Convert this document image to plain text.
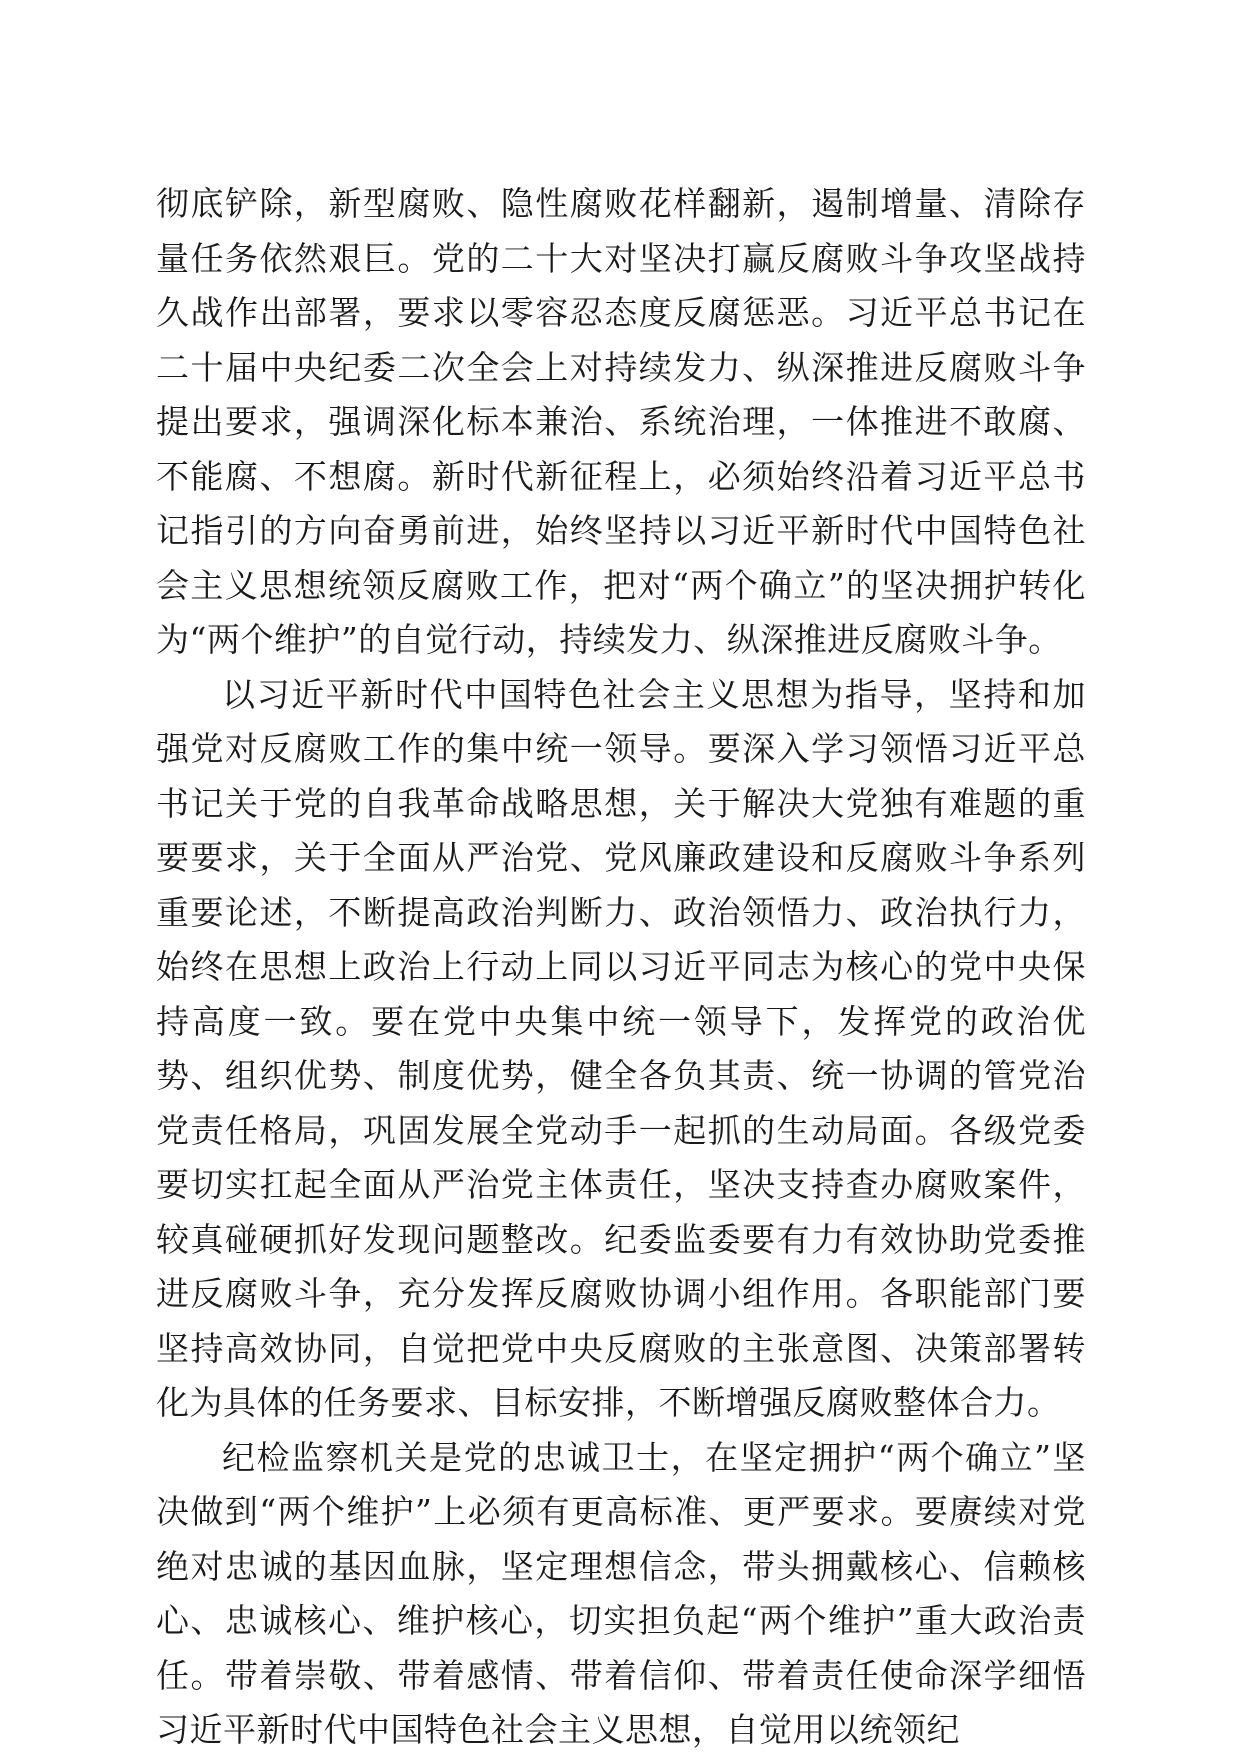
彻底铲除，新型腐败、隐性腐败花样翻新，遏制增量、清除存量任务依然艰巨。党的二十大对坚决打赢反腐败斗争攻坚战持久战作出部署，要求以零容忍态度反腐惩恶。习近平总书记在二十届中央纪委二次全会上对持续发力、纵深推进反腐败斗争提出要求，强调深化标本兼治、系统治理，一体推进不敢腐、不能腐、不想腐。新时代新征程上，必须始终沿着习近平总书记指引的方向奋勇前进，始终坚持以习近平新时代中国特色社会主义思想统领反腐败工作，把对“两个确立”的坚决拥护转化为“两个维护”的自觉行动，持续发力、纵深推进反腐败斗争。

以习近平新时代中国特色社会主义思想为指导，坚持和加强党对反腐败工作的集中统一领导。要深入学习领悟习近平总书记关于党的自我革命战略思想，关于解决大党独有难题的重要要求，关于全面从严治党、党风廉政建设和反腐败斗争系列重要论述，不断提高政治判断力、政治领悟力、政治执行力，始终在思想上政治上行动上同以习近平同志为核心的党中央保持高度一致。要在党中央集中统一领导下，发挥党的政治优势、组织优势、制度优势，健全各负其责、统一协调的管党治党责任格局，巩固发展全党动手一起抓的生动局面。各级党委要切实扛起全面从严治党主体责任，坚决支持查办腐败案件，较真碰硬抓好发现问题整改。纪委监委要有力有效协助党委推进反腐败斗争，充分发挥反腐败协调小组作用。各职能部门要坚持高效协同，自觉把党中央反腐败的主张意图、决策部署转化为具体的任务要求、目标安排，不断增强反腐败整体合力。

纪检监察机关是党的忠诚卫士，在坚定拥护“两个确立”坚决做到“两个维护”上必须有更高标准、更严要求。要赓续对党绝对忠诚的基因血脉，坚定理想信念，带头拥戴核心、信赖核心、忠诚核心、维护核心，切实担负起“两个维护”重大政治责任。带着崇敬、带着感情、带着信仰、带着责任使命深学细悟习近平新时代中国特色社会主义思想，自觉用以统领纪
